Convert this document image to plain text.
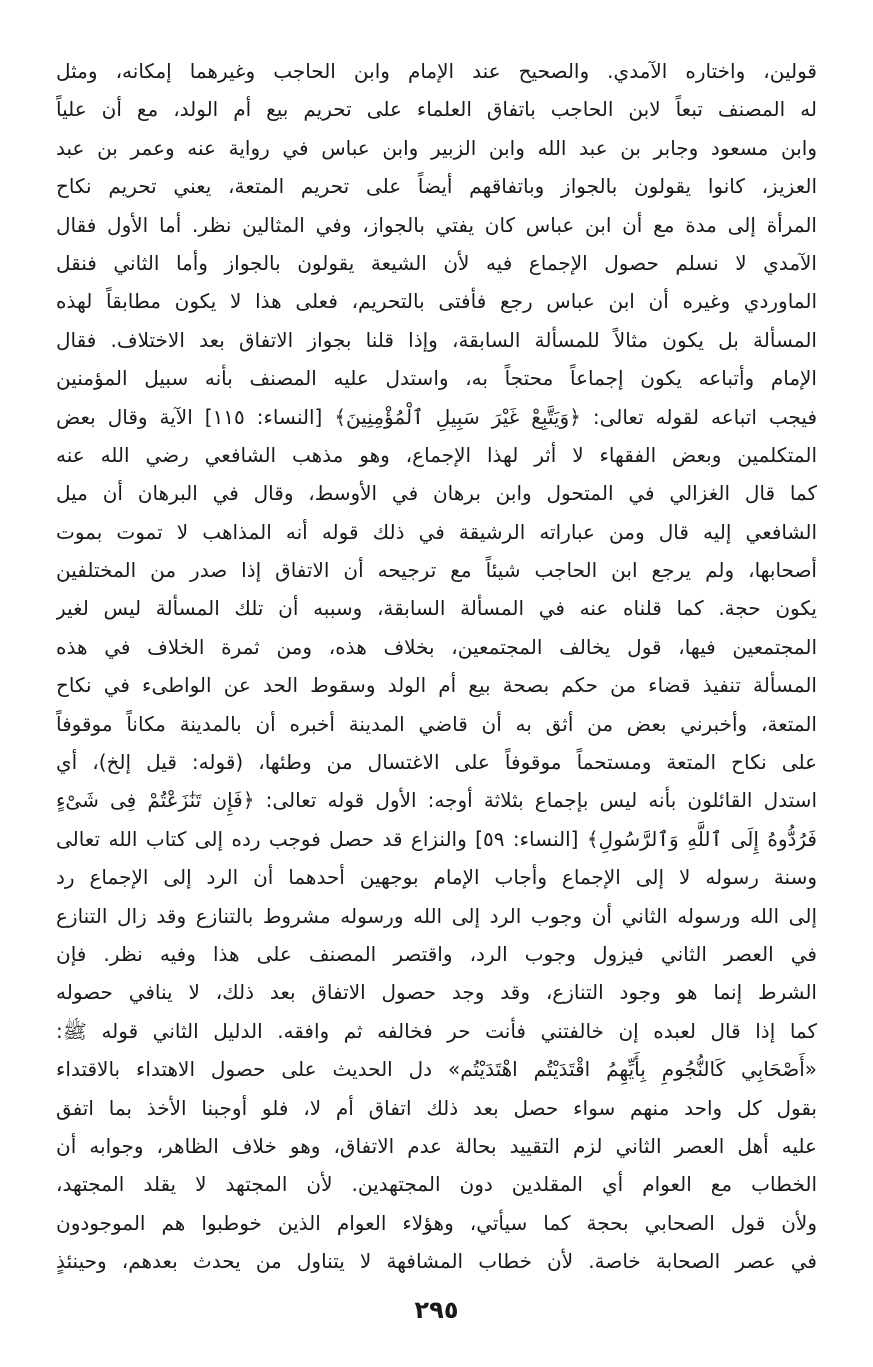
قولين، واختاره الآمدي. والصحيح عند الإمام وابن الحاجب وغيرهما إمكانه، ومثل
له المصنف تبعاً لابن الحاجب باتفاق العلماء على تحريم بيع أم الولد، مع أن علياً
وابن مسعود وجابر بن عبد الله وابن الزبير وابن عباس في رواية عنه وعمر بن عبد
العزيز، كانوا يقولون بالجواز وباتفاقهم أيضاً على تحريم المتعة، يعني تحريم نكاح
المرأة إلى مدة مع أن ابن عباس كان يفتي بالجواز، وفي المثالين نظر. أما الأول فقال
الآمدي لا نسلم حصول الإجماع فيه لأن الشيعة يقولون بالجواز وأما الثاني فنقل
الماوردي وغيره أن ابن عباس رجع فأفتى بالتحريم، فعلى هذا لا يكون مطابقاً لهذه
المسألة بل يكون مثالاً للمسألة السابقة، وإذا قلنا بجواز الاتفاق بعد الاختلاف. فقال
الإمام وأتباعه يكون إجماعاً محتجاً به، واستدل عليه المصنف بأنه سبيل المؤمنين
فيجب اتباعه لقوله تعالى: ﴿وَيَتَّبِعْ غَيْرَ سَبِيلِ ٱلْمُؤْمِنِينَ﴾ [النساء: ١١٥] الآية وقال بعض
المتكلمين وبعض الفقهاء لا أثر لهذا الإجماع، وهو مذهب الشافعي رضي الله عنه
كما قال الغزالي في المتحول وابن برهان في الأوسط، وقال في البرهان أن ميل
الشافعي إليه قال ومن عباراته الرشيقة في ذلك قوله أنه المذاهب لا تموت بموت
أصحابها، ولم يرجع ابن الحاجب شيئاً مع ترجيحه أن الاتفاق إذا صدر من المختلفين
يكون حجة. كما قلناه عنه في المسألة السابقة، وسببه أن تلك المسألة ليس لغير
المجتمعين فيها، قول يخالف المجتمعين، بخلاف هذه، ومن ثمرة الخلاف في هذه
المسألة تنفيذ قضاء من حكم بصحة بيع أم الولد وسقوط الحد عن الواطىء في نكاح
المتعة، وأخبرني بعض من أثق به أن قاضي المدينة أخبره أن بالمدينة مكاناً موقوفاً
على نكاح المتعة ومستحماً موقوفاً على الاغتسال من وطئها، (قوله: قيل إلخ)، أي
استدل القائلون بأنه ليس بإجماع بثلاثة أوجه: الأول قوله تعالى: ﴿فَإِن تَنَٰزَعْتُمْ فِى شَىْءٍ
فَرُدُّوهُ إِلَى ٱللَّهِ وَٱلرَّسُولِ﴾ [النساء: ٥٩] والنزاع قد حصل فوجب رده إلى كتاب الله تعالى
وسنة رسوله لا إلى الإجماع وأجاب الإمام بوجهين أحدهما أن الرد إلى الإجماع رد
إلى الله ورسوله الثاني أن وجوب الرد إلى الله ورسوله مشروط بالتنازع وقد زال التنازع
في العصر الثاني فيزول وجوب الرد، واقتصر المصنف على هذا وفيه نظر. فإن
الشرط إنما هو وجود التنازع، وقد وجد حصول الاتفاق بعد ذلك، لا ينافي حصوله
كما إذا قال لعبده إن خالفتني فأنت حر فخالفه ثم وافقه. الدليل الثاني قوله ﷺ:
«أَصْحَابِي كَالنُّجُومِ بِأَيِّهِمُ اقْتَدَيْتُم اهْتَدَيْتُم» دل الحديث على حصول الاهتداء بالاقتداء
بقول كل واحد منهم سواء حصل بعد ذلك اتفاق أم لا، فلو أوجبنا الأخذ بما اتفق
عليه أهل العصر الثاني لزم التقييد بحالة عدم الاتفاق، وهو خلاف الظاهر، وجوابه أن
الخطاب مع العوام أي المقلدين دون المجتهدين. لأن المجتهد لا يقلد المجتهد،
ولأن قول الصحابي بحجة كما سيأتي، وهؤلاء العوام الذين خوطبوا هم الموجودون
في عصر الصحابة خاصة. لأن خطاب المشافهة لا يتناول من يحدث بعدهم، وحينئذٍ
٢٩٥
